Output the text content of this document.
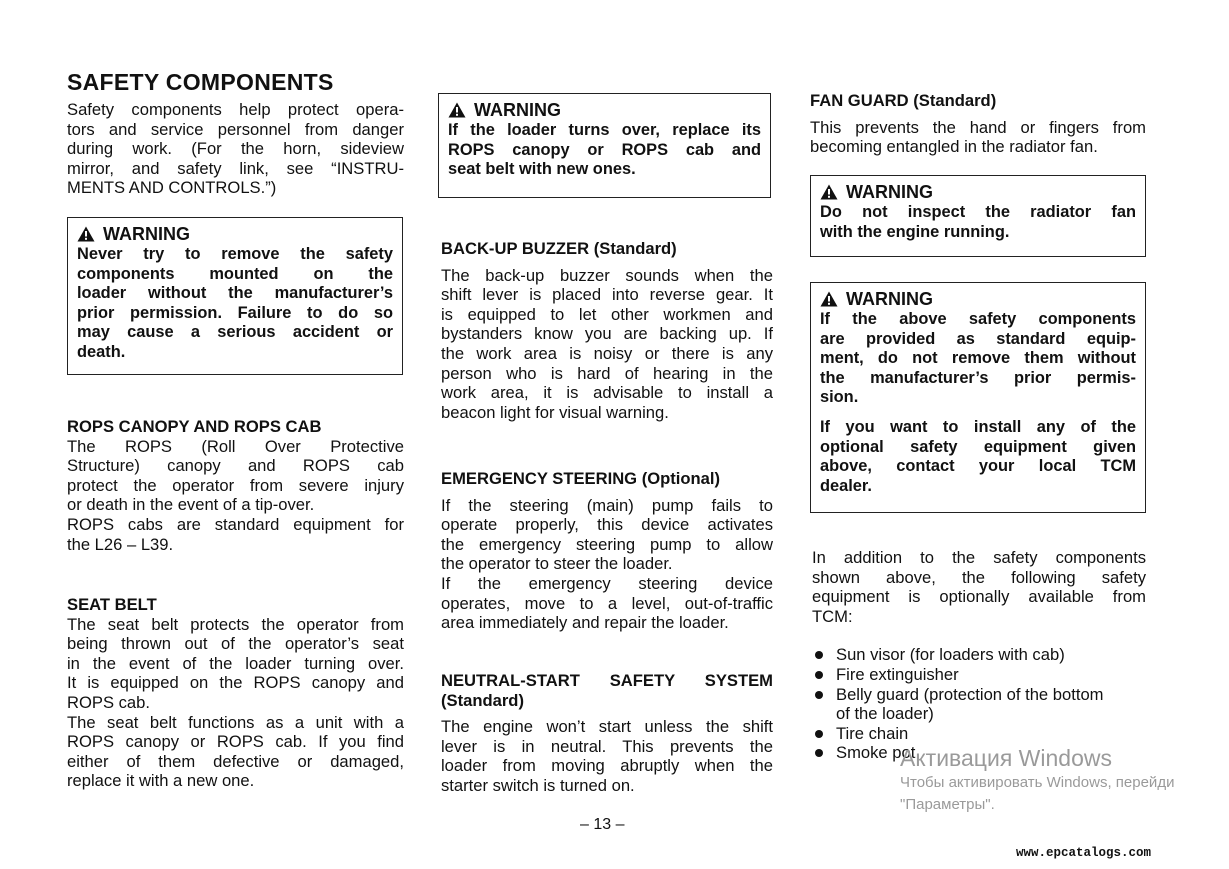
SAFETY COMPONENTS

Safety components help protect opera-

tors and service personnel from danger

during work. (For the horn, sideview

mirror, and safety link, see “INSTRU-

MENTS AND CONTROLS.”)

WARNING

Never try to remove the safety

components mounted on the

loader without the manufacturer’s

prior permission. Failure to do so

may cause a serious accident or

death.

ROPS CANOPY AND ROPS CAB

The ROPS (Roll Over Protective

Structure) canopy and ROPS cab

protect the operator from severe injury

or death in the event of a tip-over.

ROPS cabs are standard equipment for

the L26 – L39.

SEAT BELT

The seat belt protects the operator from

being thrown out of the operator’s seat

in the event of the loader turning over.

It is equipped on the ROPS canopy and

ROPS cab.

The seat belt functions as a unit with a

ROPS canopy or ROPS cab. If you find

either of them defective or damaged,

replace it with a new one.

WARNING

If the loader turns over, replace its

ROPS canopy or ROPS cab and

seat belt with new ones.

BACK-UP BUZZER (Standard)

The back-up buzzer sounds when the

shift lever is placed into reverse gear. It

is equipped to let other workmen and

bystanders know you are backing up. If

the work area is noisy or there is any

person who is hard of hearing in the

work area, it is advisable to install a

beacon light for visual warning.

EMERGENCY STEERING (Optional)

If the steering (main) pump fails to

operate properly, this device activates

the emergency steering pump to allow

the operator to steer the loader.

If the emergency steering device

operates, move to a level, out-of-traffic

area immediately and repair the loader.

NEUTRAL-START SAFETY SYSTEM
(Standard)

The engine won’t start unless the shift

lever is in neutral. This prevents the

loader from moving abruptly when the

starter switch is turned on.

FAN GUARD (Standard)

This prevents the hand or fingers from

becoming entangled in the radiator fan.

WARNING

Do not inspect the radiator fan

with the engine running.

WARNING

If the above safety components

are provided as standard equip-

ment, do not remove them without

the manufacturer’s prior permis-

sion.

If you want to install any of the

optional safety equipment given

above, contact your local TCM

dealer.

In addition to the safety components

shown above, the following safety

equipment is optionally available from

TCM:

Sun visor (for loaders with cab)
Fire extinguisher
Belly guard (protection of the bottom
of the loader)
Tire chain
Smoke pot
– 13 –
Активация Windows
Чтобы активировать Windows, перейди
"Параметры".
www.epcatalogs.com
